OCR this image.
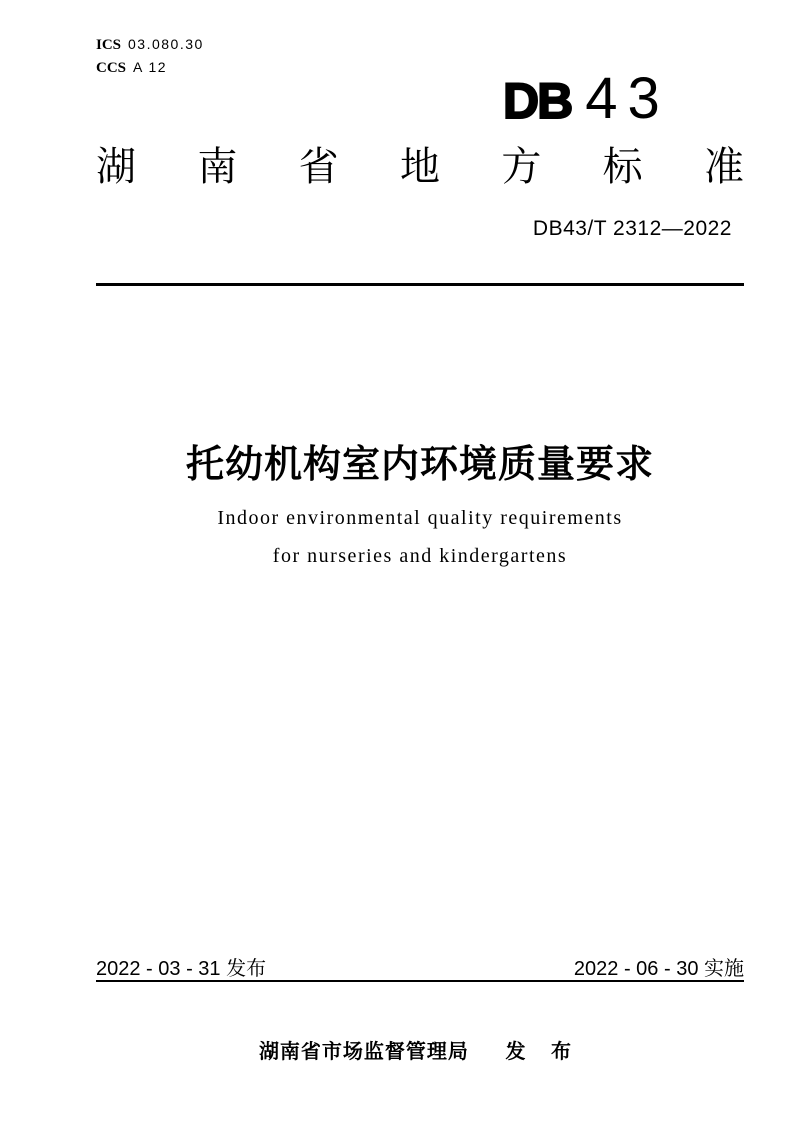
ICS 03.080.30
CCS A 12
DB 43
湖 南 省 地 方 标 准
DB43/T 2312—2022
托幼机构室内环境质量要求
Indoor environmental quality requirements
for nurseries and kindergartens
2022 - 03 - 31 发布	2022 - 06 - 30 实施
湖南省市场监督管理局 发 布
